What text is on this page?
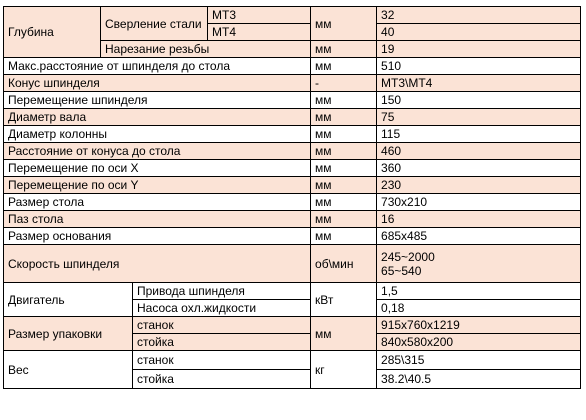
Глубина	Сверление стали		МТ3	мм	32
			МТ4		40
	Нарезание резьбы			мм	19
Макс.расстояние от шпинделя до стола				мм	510
Конус шпинделя				-	МТ3\МТ4
Перемещение шпинделя				мм	150
Диаметр вала				мм	75
Диаметр колонны				мм	115
Расстояние от конуса до стола				мм	460
Перемещение по оси X				мм	360
Перемещение по оси Y				мм	230
Размер стола				мм	730x210
Паз стола				мм	16
Размер основания				мм	685x485
Скорость шпинделя				об\мин	245~2000
65~540

Двигатель		Привода шпинделя		кВт	1,5
		Насоса охл.жидкости			0,18
Размер упаковки		станок		мм	915x760x1219
		стойка			840x580x200
Вес		станок		кг	285\315
		стойка			38.2\40.5
